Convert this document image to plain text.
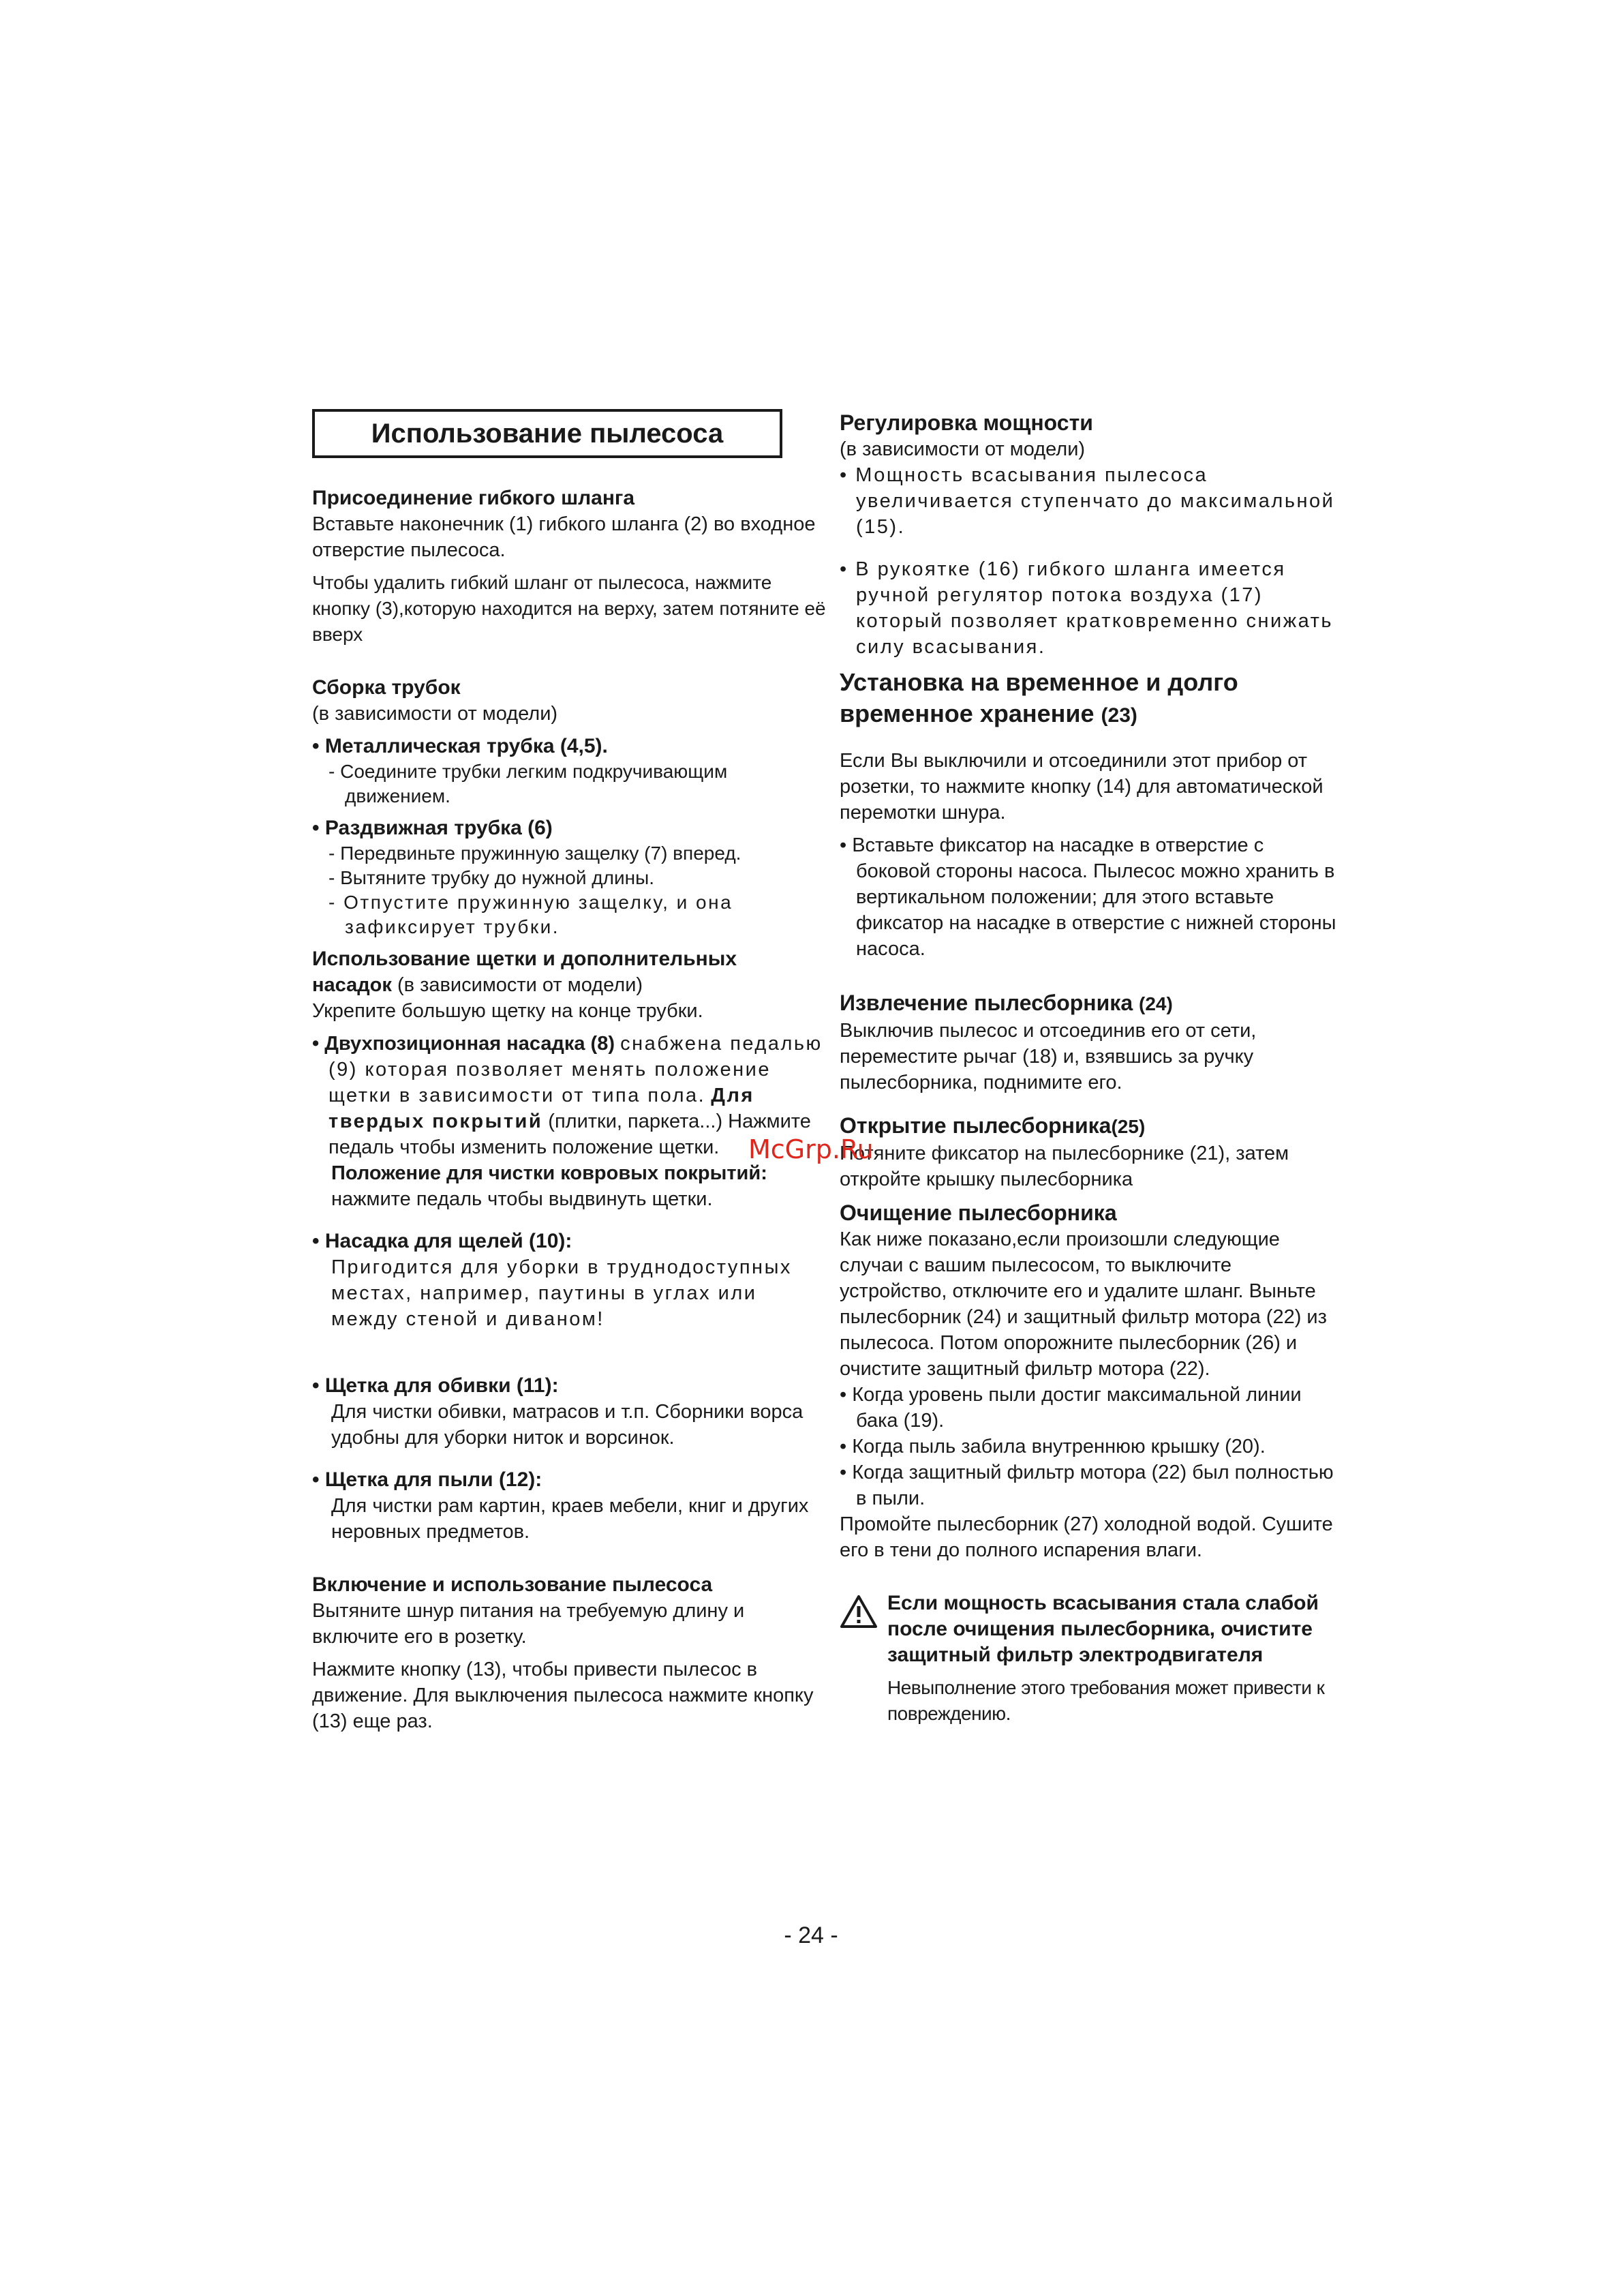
Использование пылесоса

Присоединение гибкого шланга

Вставьте наконечник (1) гибкого шланга (2) во входное отверстие пылесоса.

Чтобы удалить гибкий шланг от пылесоса, нажмите кнопку (3),которую находится на верху, затем потяните её вверх

Сборка трубок

(в зависимости от модели)

• Металлическая трубка (4,5).

- Соедините трубки легким подкручивающим движением.

• Раздвижная трубка (6)

- Передвиньте пружинную защелку (7) вперед.

- Вытяните трубку до нужной длины.

- Отпустите пружинную защелку, и она зафиксирует трубки.

Использование щетки и дополнительных

насадок (в зависимости от модели)

Укрепите большую щетку на конце трубки.

• Двухпозиционная насадка (8) снабжена педалью (9) которая позволяет менять положение щетки в зависимости от типа пола. Для твердых покрытий (плитки, паркета...) Нажмите педаль чтобы изменить положение щетки.

Положение для чистки ковровых покрытий:

нажмите педаль чтобы выдвинуть щетки.

• Насадка для щелей (10):

Пригодится для уборки в труднодоступных местах, например, паутины в углах или между стеной и диваном!

• Щетка для обивки (11):

Для чистки обивки, матрасов и т.п. Сборники ворса удобны для уборки ниток и ворсинок.

• Щетка для пыли (12):

Для чистки рам картин, краев мебели, книг и других неровных предметов.

Включение и использование пылесоса

Вытяните шнур питания на требуемую длину и включите его в розетку.

Нажмите кнопку (13), чтобы привести пылесос в движение. Для выключения пылесоса нажмите кнопку (13) еще раз.

Регулировка мощности

(в зависимости от модели)

• Мощность всасывания пылесоса увеличивается ступенчато до максимальной (15).

• В рукоятке (16) гибкого шланга имеется ручной регулятор потока воздуха (17) который позволяет кратковременно снижать силу всасывания.

Установка на временное и долго временное хранение (23)

Если Вы выключили и отсоединили этот прибор от розетки, то нажмите кнопку (14) для автоматической перемотки шнура.

• Вставьте фиксатор на насадке в отверстие с боковой стороны насоса. Пылесос можно хранить в вертикальном положении; для этого вставьте фиксатор на насадке в отверстие с нижней стороны насоса.

Извлечение пылесборника (24)

Выключив пылесос и отсоединив его от сети, переместите рычаг (18) и, взявшись за ручку пылесборника, поднимите его.

Открытие пылесборника(25)

Потяните фиксатор на пылесборнике (21), затем откройте крышку пылесборника

Очищение пылесборника

Как ниже показано,если произошли следующие случаи с вашим пылесосом, то выключите устройство, отключите его и удалите шланг. Выньте пылесборник (24) и защитный фильтр мотора (22) из пылесоса. Потом опорожните пылесборник (26) и очистите защитный фильтр мотора (22).

• Когда уровень пыли достиг максимальной линии бака (19).

• Когда пыль забила внутреннюю крышку (20).

• Когда защитный фильтр мотора (22) был полностью в пыли.

Промойте пылесборник (27) холодной водой. Сушите его в тени до полного испарения влаги.

Если мощность всасывания стала слабой после очищения пылесборника, очистите защитный фильтр электродвигателя

Невыполнение этого требования может привести к повреждению.

McGrp.Ru
- 24 -
